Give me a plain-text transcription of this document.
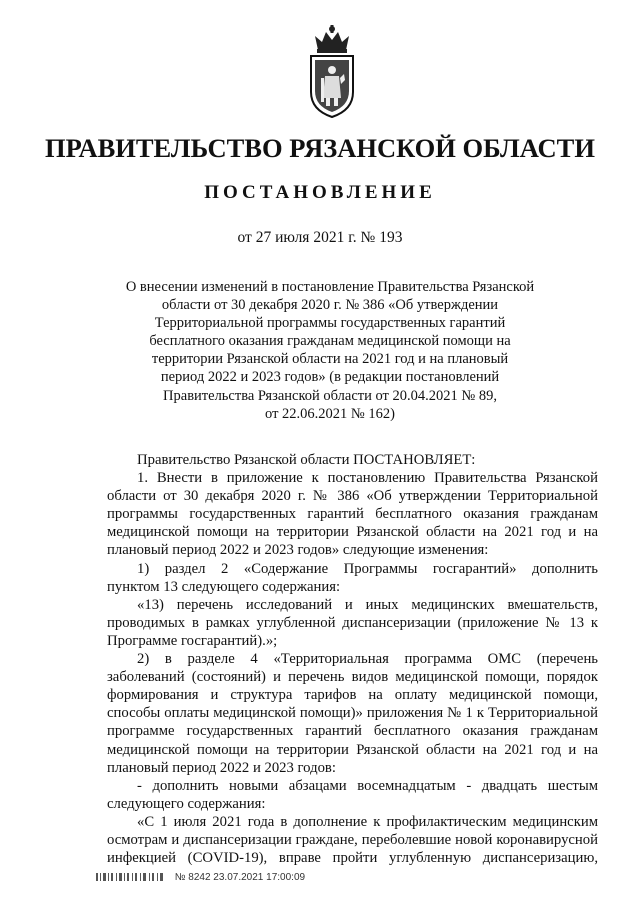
ПРАВИТЕЛЬСТВО РЯЗАНСКОЙ ОБЛАСТИ
ПОСТАНОВЛЕНИЕ
от 27 июля 2021 г. № 193
О внесении изменений в постановление Правительства Рязанской
области от 30 декабря 2020 г. № 386 «Об утверждении
Территориальной программы государственных гарантий
бесплатного оказания гражданам медицинской помощи на
территории Рязанской области на 2021 год и на плановый
период 2022 и 2023 годов» (в редакции постановлений
Правительства Рязанской области от 20.04.2021 № 89,
от 22.06.2021 № 162)
Правительство Рязанской области ПОСТАНОВЛЯЕТ:
1. Внести в приложение к постановлению Правительства Рязанской
области от 30 декабря 2020 г. № 386 «Об утверждении Территориальной
программы государственных гарантий бесплатного оказания гражданам
медицинской помощи на территории Рязанской области на 2021 год и на
плановый период 2022 и 2023 годов» следующие изменения:
1) раздел 2 «Содержание Программы госгарантий» дополнить
пунктом 13 следующего содержания:
«13) перечень исследований и иных медицинских вмешательств,
проводимых в рамках углубленной диспансеризации (приложение № 13 к
Программе госгарантий).»;
2) в разделе 4 «Территориальная программа ОМС (перечень
заболеваний (состояний) и перечень видов медицинской помощи, порядок
формирования и структура тарифов на оплату медицинской помощи,
способы оплаты медицинской помощи)» приложения № 1 к Территориальной
программе государственных гарантий бесплатного оказания гражданам
медицинской помощи на территории Рязанской области на 2021 год и на
плановый период 2022 и 2023 годов:
- дополнить новыми абзацами восемнадцатым - двадцать шестым
следующего содержания:
«С 1 июля 2021 года в дополнение к профилактическим медицинским
осмотрам и диспансеризации граждане, переболевшие новой коронавирусной
инфекцией (COVID-19), вправе пройти углубленную диспансеризацию,
№ 8242 23.07.2021 17:00:09
